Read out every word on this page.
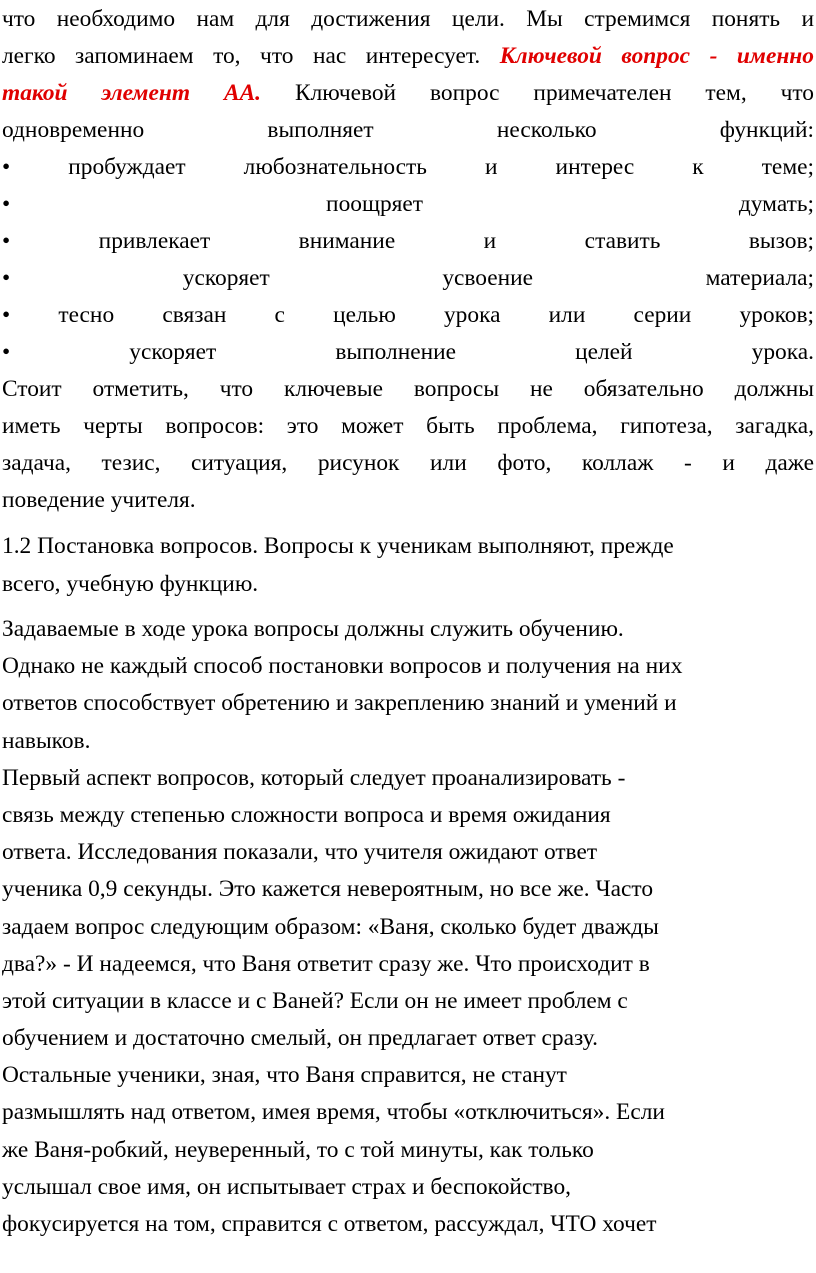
что необходимо нам для достижения цели. Мы стремимся понять и
легко запоминаем то, что нас интересует. Ключевой вопрос - именно
такой элемент АА. Ключевой вопрос примечателен тем, что
одновременно выполняет несколько функций:
• пробуждает любознательность и интерес к теме;
• поощряет думать;
• привлекает внимание и ставить вызов;
• ускоряет усвоение материала;
• тесно связан с целью урока или серии уроков;
• ускоряет выполнение целей урока.
Стоит отметить, что ключевые вопросы не обязательно должны
иметь черты вопросов: это может быть проблема, гипотеза, загадка,
задача, тезис, ситуация, рисунок или фото, коллаж - и даже
поведение учителя.
1.2 Постановка вопросов. Вопросы к ученикам выполняют, прежде
всего, учебную функцию.
Задаваемые в ходе урока вопросы должны служить обучению.
Однако не каждый способ постановки вопросов и получения на них
ответов способствует обретению и закреплению знаний и умений и
навыков.
Первый аспект вопросов, который следует проанализировать -
связь между степенью сложности вопроса и время ожидания
ответа. Исследования показали, что учителя ожидают ответ
ученика 0,9 секунды. Это кажется невероятным, но все же. Часто
задаем вопрос следующим образом: «Ваня, сколько будет дважды
два?» - И надеемся, что Ваня ответит сразу же. Что происходит в
этой ситуации в классе и с Ваней? Если он не имеет проблем с
обучением и достаточно смелый, он предлагает ответ сразу.
Остальные ученики, зная, что Ваня справится, не станут
размышлять над ответом, имея время, чтобы «отключиться». Если
же Ваня-робкий, неуверенный, то с той минуты, как только
услышал свое имя, он испытывает страх и беспокойство,
фокусируется на том, справится с ответом, рассуждал, ЧТО хочет
